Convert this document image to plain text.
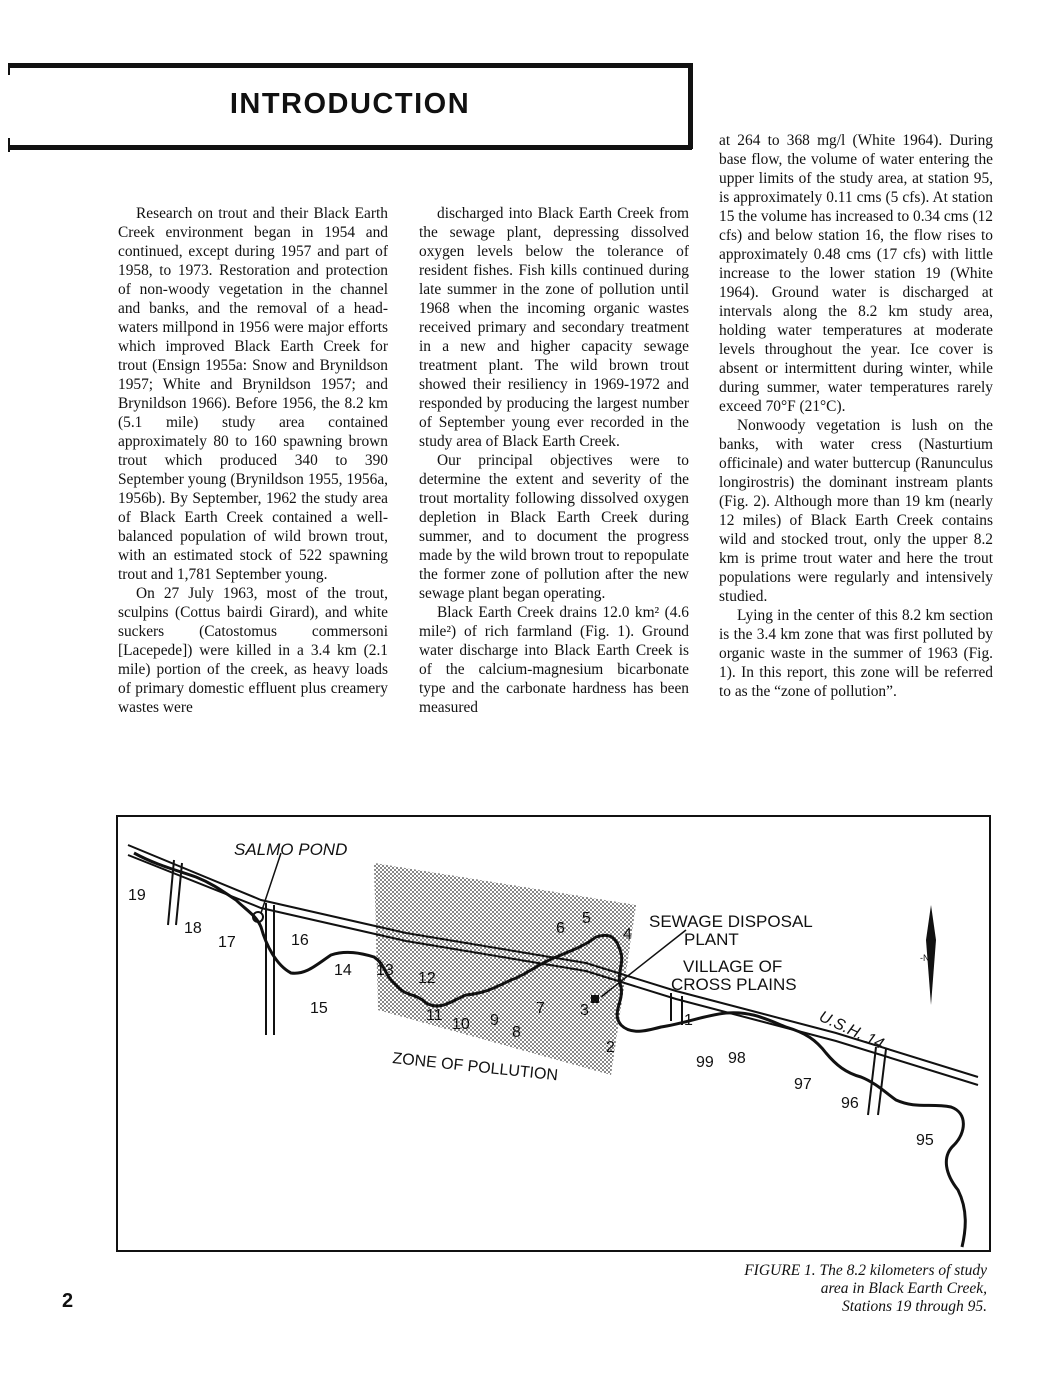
INTRODUCTION

Research on trout and their Black Earth Creek environment began in 1954 and continued, except during 1957 and part of 1958, to 1973. Restoration and protection of non-woody vegetation in the channel and banks, and the removal of a head-waters millpond in 1956 were major efforts which improved Black Earth Creek for trout (Ensign 1955a: Snow and Brynildson 1957; White and Brynildson 1957; and Brynildson 1966). Before 1956, the 8.2 km (5.1 mile) study area contained approximately 80 to 160 spawning brown trout which produced 340 to 390 September young (Brynildson 1955, 1956a, 1956b). By September, 1962 the study area of Black Earth Creek contained a well-balanced population of wild brown trout, with an estimated stock of 522 spawning trout and 1,781 September young.

On 27 July 1963, most of the trout, sculpins (Cottus bairdi Girard), and white suckers (Catostomus commersoni [Lacepede]) were killed in a 3.4 km (2.1 mile) portion of the creek, as heavy loads of primary domestic effluent plus creamery wastes were

discharged into Black Earth Creek from the sewage plant, depressing dissolved oxygen levels below the tolerance of resident fishes. Fish kills continued during late summer in the zone of pollution until 1968 when the incoming organic wastes received primary and secondary treatment in a new and higher capacity sewage treatment plant. The wild brown trout showed their resiliency in 1969-1972 and responded by producing the largest number of September young ever recorded in the study area of Black Earth Creek.

Our principal objectives were to determine the extent and severity of the trout mortality following dissolved oxygen depletion in Black Earth Creek during summer, and to document the progress made by the wild brown trout to repopulate the former zone of pollution after the new sewage plant began operating.

Black Earth Creek drains 12.0 km² (4.6 mile²) of rich farmland (Fig. 1). Ground water discharge into Black Earth Creek is of the calcium-magnesium bicarbonate type and the carbonate hardness has been measured

at 264 to 368 mg/l (White 1964). During base flow, the volume of water entering the upper limits of the study area, at station 95, is approximately 0.11 cms (5 cfs). At station 15 the volume has increased to 0.34 cms (12 cfs) and below station 16, the flow rises to approximately 0.48 cms (17 cfs) with little increase to the lower station 19 (White 1964). Ground water is discharged at intervals along the 8.2 km study area, holding water temperatures at moderate levels throughout the year. Ice cover is absent or intermittent during winter, while during summer, water temperatures rarely exceed 70°F (21°C).

Nonwoody vegetation is lush on the banks, with water cress (Nasturtium officinale) and water buttercup (Ranunculus longirostris) the dominant instream plants (Fig. 2). Although more than 19 km (nearly 12 miles) of Black Earth Creek contains wild and stocked trout, only the upper 8.2 km is prime trout water and here the trout populations were regularly and intensively studied.

Lying in the center of this 8.2 km section is the 3.4 km zone that was first polluted by organic waste in the summer of 1963 (Fig. 1). In this report, this zone will be referred to as the “zone of pollution”.

SALMO POND
SEWAGE DISPOSAL
PLANT
VILLAGE OF
CROSS PLAINS
U.S.H. 14
ZONE OF POLLUTION
-N-
19
18
17	16
14 13
15
12
11
10 9
8
7
6
5
4
3
2
1
99 98
97
96
95
FIGURE 1. The 8.2 kilometers of study
area in Black Earth Creek,
Stations 19 through 95.
2
